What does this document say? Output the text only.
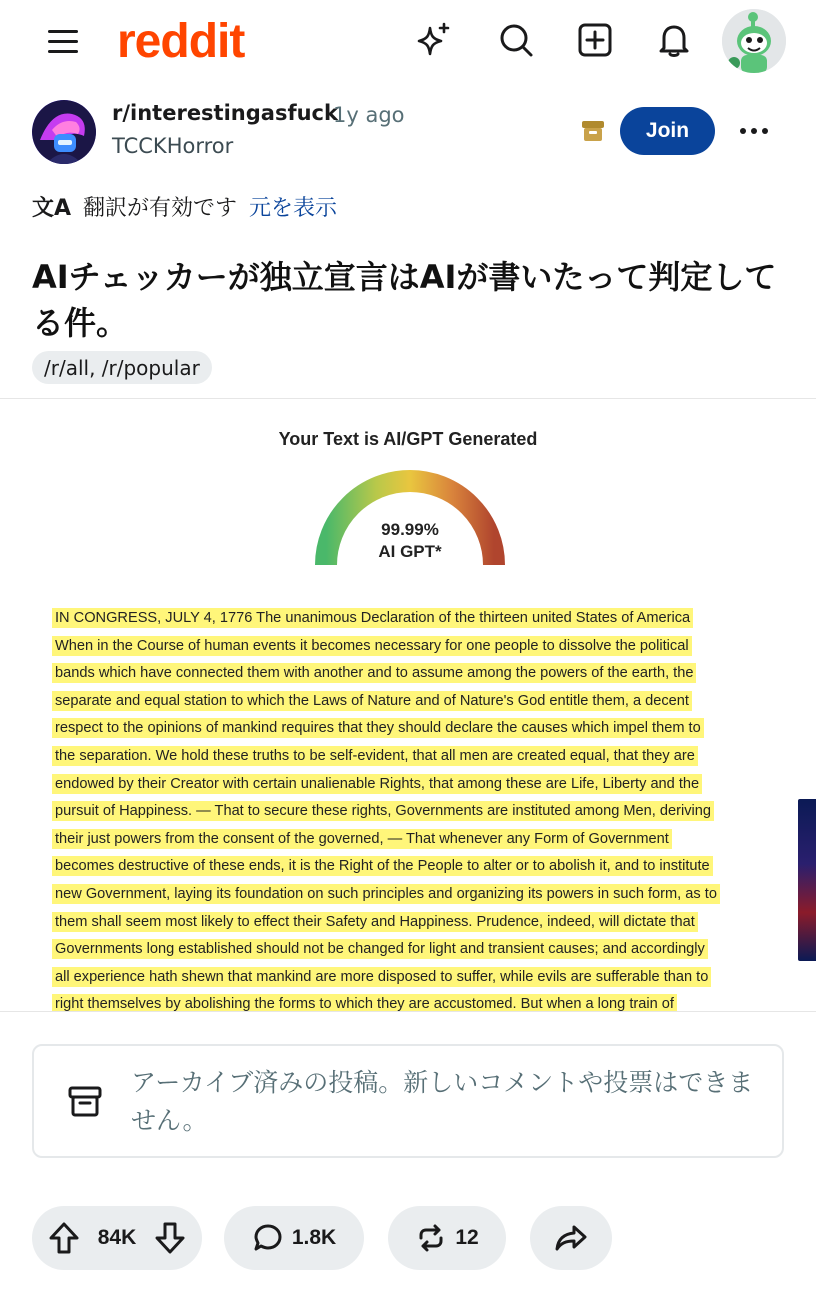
reddit
r/interestingasfuck
1y ago
TCCKHorror
Join
文A 翻訳が有効です 元を表示
AIチェッカーが独立宣言はAIが書いたって判定してる件。
/r/all, /r/popular
Your Text is AI/GPT Generated
99.99%
AI GPT*
IN CONGRESS, JULY 4, 1776 The unanimous Declaration of the thirteen united States of America
When in the Course of human events it becomes necessary for one people to dissolve the political
bands which have connected them with another and to assume among the powers of the earth, the
separate and equal station to which the Laws of Nature and of Nature's God entitle them, a decent
respect to the opinions of mankind requires that they should declare the causes which impel them to
the separation. We hold these truths to be self-evident, that all men are created equal, that they are
endowed by their Creator with certain unalienable Rights, that among these are Life, Liberty and the
pursuit of Happiness. — That to secure these rights, Governments are instituted among Men, deriving
their just powers from the consent of the governed, — That whenever any Form of Government
becomes destructive of these ends, it is the Right of the People to alter or to abolish it, and to institute
new Government, laying its foundation on such principles and organizing its powers in such form, as to
them shall seem most likely to effect their Safety and Happiness. Prudence, indeed, will dictate that
Governments long established should not be changed for light and transient causes; and accordingly
all experience hath shewn that mankind are more disposed to suffer, while evils are sufferable than to
right themselves by abolishing the forms to which they are accustomed. But when a long train of
アーカイブ済みの投稿。新しいコメントや投票はできません。
84K	1.8K	12
